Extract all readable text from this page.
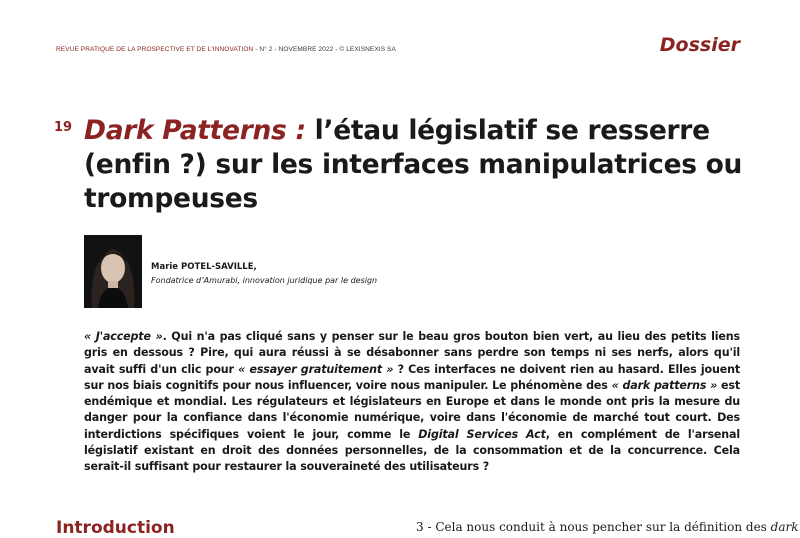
REVUE PRATIQUE DE LA PROSPECTIVE ET DE L'INNOVATION - N° 2 - NOVEMBRE 2022 - © LEXISNEXIS SA	Dossier
19 Dark Patterns : l’étau législatif se resserre (enfin ?) sur les interfaces manipulatrices ou trompeuses
Marie POTEL-SAVILLE,
Fondatrice d’Amurabi, innovation juridique par le design

« J'accepte ». Qui n'a pas cliqué sans y penser sur le beau gros bouton bien vert, au lieu des petits liens gris en dessous ? Pire, qui aura réussi à se désabonner sans perdre son temps ni ses nerfs, alors qu'il avait suffi d'un clic pour « essayer gratuitement » ? Ces interfaces ne doivent rien au hasard. Elles jouent sur nos biais cognitifs pour nous influencer, voire nous manipuler. Le phénomène des « dark patterns » est endémique et mondial. Les régulateurs et législateurs en Europe et dans le monde ont pris la mesure du danger pour la confiance dans l'économie numérique, voire dans l'économie de marché tout court. Des interdictions spécifiques voient le jour, comme le Digital Services Act, en complément de l'arsenal législatif existant en droit des données personnelles, de la consommation et de la concurrence. Cela serait-il suffisant pour restaurer la souveraineté des utilisateurs ?

Introduction	3 - Cela nous conduit à nous pencher sur la définition des dark
